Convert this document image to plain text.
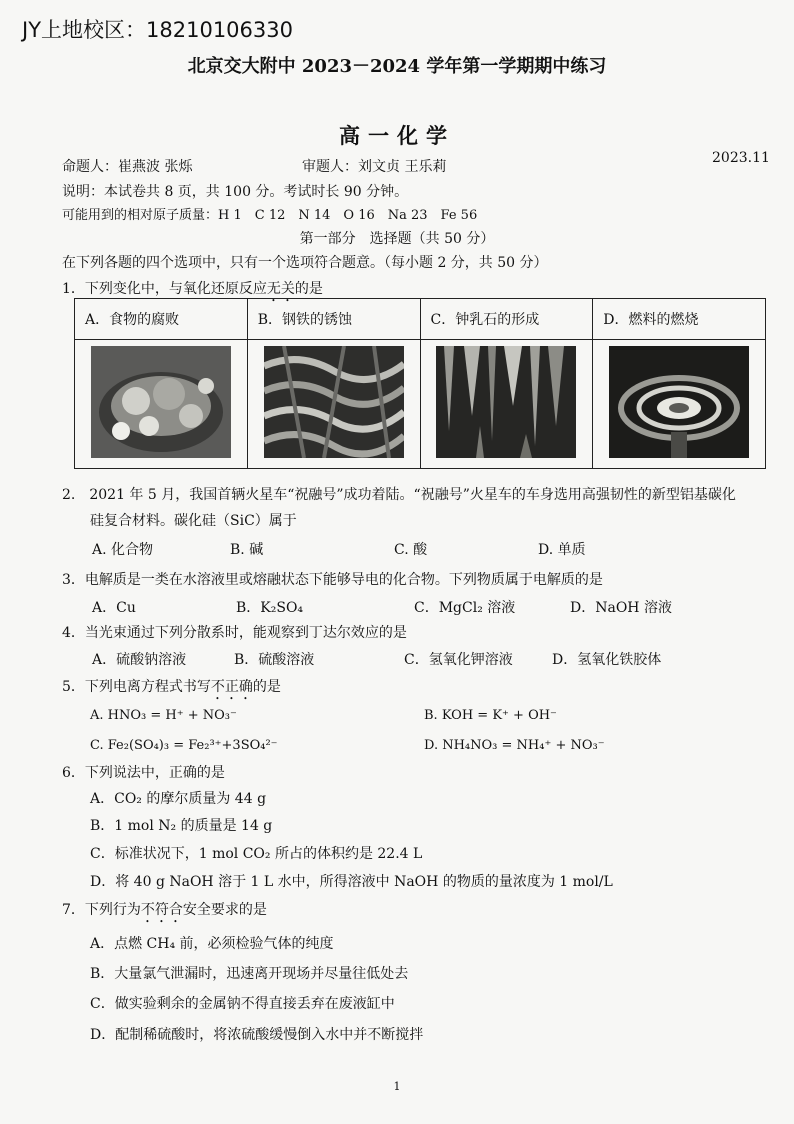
JY上地校区：18210106330
北京交大附中 2023－2024 学年第一学期期中练习
高一化学
2023.11
命题人：崔燕波 张烁	审题人：刘文贞 王乐莉
说明：本试卷共 8 页，共 100 分。考试时长 90 分钟。
可能用到的相对原子质量：H 1　C 12　N 14　O 16　Na 23　Fe 56
第一部分　选择题（共 50 分）
在下列各题的四个选项中，只有一个选项符合题意。（每小题 2 分，共 50 分）
1．下列变化中，与氧化还原反应无关的是
A．食物的腐败	B．钢铁的锈蚀	C．钟乳石的形成	D．燃料的燃烧

2.　2021 年 5 月，我国首辆火星车“祝融号”成功着陆。“祝融号”火星车的车身选用高强韧性的新型铝基碳化
硅复合材料。碳化硅（SiC）属于
A. 化合物	B. 碱	C. 酸	D. 单质
3．电解质是一类在水溶液里或熔融状态下能够导电的化合物。下列物质属于电解质的是
A．Cu	B．K₂SO₄	C．MgCl₂ 溶液	D．NaOH 溶液
4．当光束通过下列分散系时，能观察到丁达尔效应的是
A．硫酸钠溶液	B．硫酸溶液	C．氢氧化钾溶液	D．氢氧化铁胶体
5．下列电离方程式书写不正确的是
A. HNO₃ = H⁺ + NO₃⁻	B. KOH = K⁺ + OH⁻
C. Fe₂(SO₄)₃ = Fe₂³⁺+3SO₄²⁻	D. NH₄NO₃ = NH₄⁺ + NO₃⁻
6．下列说法中，正确的是
A．CO₂ 的摩尔质量为 44 g
B．1 mol N₂ 的质量是 14 g
C．标准状况下，1 mol CO₂ 所占的体积约是 22.4 L
D．将 40 g NaOH 溶于 1 L 水中，所得溶液中 NaOH 的物质的量浓度为 1 mol/L
7．下列行为不符合安全要求的是
A．点燃 CH₄ 前，必须检验气体的纯度
B．大量氯气泄漏时，迅速离开现场并尽量往低处去
C．做实验剩余的金属钠不得直接丢弃在废液缸中
D．配制稀硫酸时，将浓硫酸缓慢倒入水中并不断搅拌
1
